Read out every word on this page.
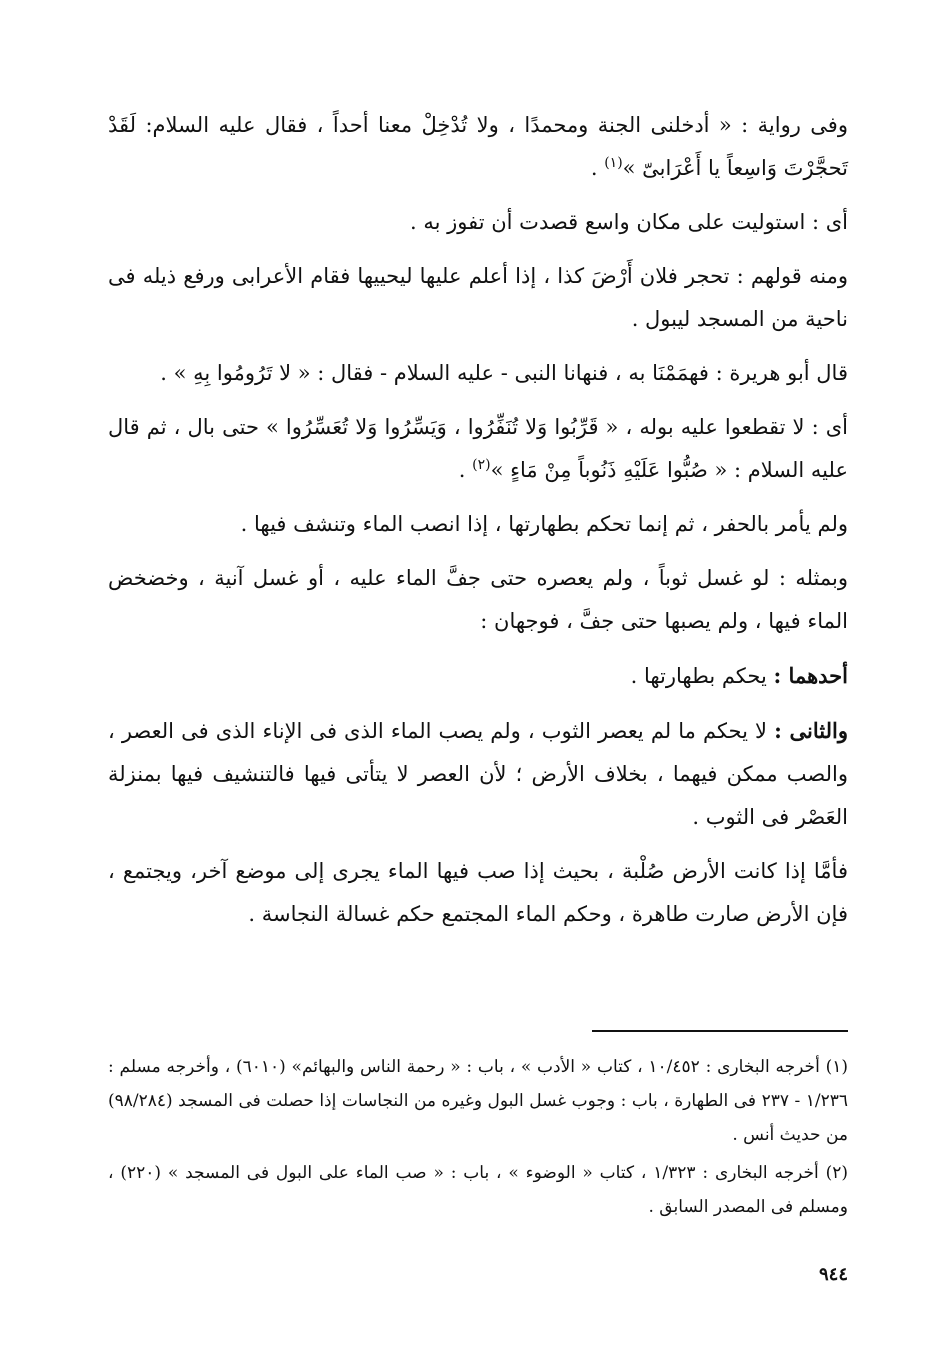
وفى رواية : « أدخلنى الجنة ومحمدًا ، ولا تُدْخِلْ معنا أحداً ، فقال عليه السلام: لَقَدْ تَحجَّرْتَ وَاسِعاً يا أَعْرَابىّ »$^{(١)}$ .

أى : استوليت على مكان واسع قصدت أن تفوز به .

ومنه قولهم : تحجر فلان أَرْضَ كذا ، إذا أعلم عليها ليحييها فقام الأعرابى ورفع ذيله فى ناحية من المسجد ليبول .

قال أبو هريرة : فهمَمْنَا به ، فنهانا النبى - عليه السلام - فقال : « لا تَرُومُوا بِهِ » .

أى : لا تقطعوا عليه بوله ، « قَرِّبُوا وَلا تُنَفِّرُوا ، وَيَسِّرُوا وَلا تُعَسِّرُوا » حتى بال ، ثم قال عليه السلام : « صُبُّوا عَلَيْهِ ذَنُوباً مِنْ مَاءٍ »$^{(٢)}$ .

ولم يأمر بالحفر ، ثم إنما تحكم بطهارتها ، إذا انصب الماء وتنشف فيها .

وبمثله : لو غسل ثوباً ، ولم يعصره حتى جفَّ الماء عليه ، أو غسل آنية ، وخضخض الماء فيها ، ولم يصبها حتى جفَّ ، فوجهان :

أحدهما : يحكم بطهارتها .

والثانى : لا يحكم ما لم يعصر الثوب ، ولم يصب الماء الذى فى الإناء الذى فى العصر ، والصب ممكن فيهما ، بخلاف الأرض ؛ لأن العصر لا يتأتى فيها فالتنشيف فيها بمنزلة العَصْر فى الثوب .

فأمَّا إذا كانت الأرض صُلْبة ، بحيث إذا صب فيها الماء يجرى إلى موضع آخر، ويجتمع ، فإن الأرض صارت طاهرة ، وحكم الماء المجتمع حكم غسالة النجاسة .

(١) أخرجه البخارى : ١٠/٤٥٢ ، كتاب « الأدب » ، باب : « رحمة الناس والبهائم» (٦٠١٠) ، وأخرجه مسلم : ١/٢٣٦ - ٢٣٧ فى الطهارة ، باب : وجوب غسل البول وغيره من النجاسات إذا حصلت فى المسجد (٩٨/٢٨٤) من حديث أنس .

(٢) أخرجه البخارى : ١/٣٢٣ ، كتاب « الوضوء » ، باب : « صب الماء على البول فى المسجد » (٢٢٠) ، ومسلم فى المصدر السابق .

٩٤٤
